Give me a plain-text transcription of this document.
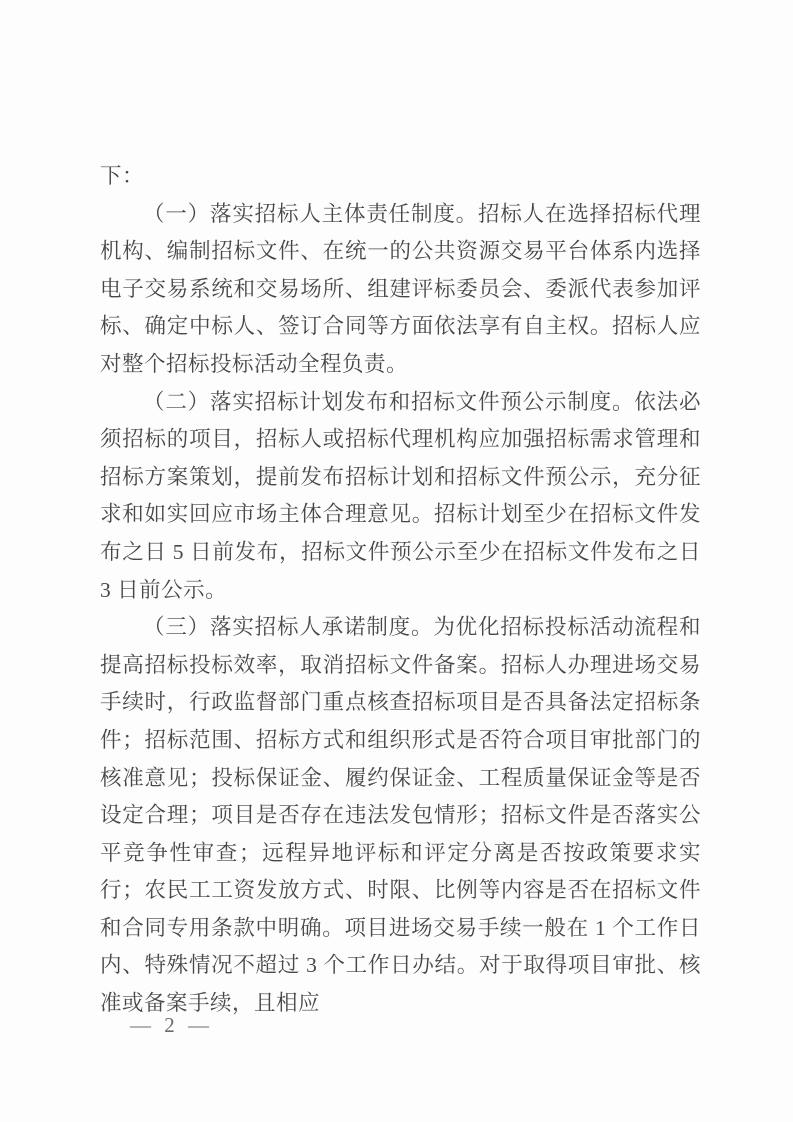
下：

（一）落实招标人主体责任制度。招标人在选择招标代理机构、编制招标文件、在统一的公共资源交易平台体系内选择电子交易系统和交易场所、组建评标委员会、委派代表参加评标、确定中标人、签订合同等方面依法享有自主权。招标人应对整个招标投标活动全程负责。

（二）落实招标计划发布和招标文件预公示制度。依法必须招标的项目，招标人或招标代理机构应加强招标需求管理和招标方案策划，提前发布招标计划和招标文件预公示，充分征求和如实回应市场主体合理意见。招标计划至少在招标文件发布之日 5 日前发布，招标文件预公示至少在招标文件发布之日 3 日前公示。

（三）落实招标人承诺制度。为优化招标投标活动流程和提高招标投标效率，取消招标文件备案。招标人办理进场交易手续时，行政监督部门重点核查招标项目是否具备法定招标条件；招标范围、招标方式和组织形式是否符合项目审批部门的核准意见；投标保证金、履约保证金、工程质量保证金等是否设定合理；项目是否存在违法发包情形；招标文件是否落实公平竞争性审查；远程异地评标和评定分离是否按政策要求实行；农民工工资发放方式、时限、比例等内容是否在招标文件和合同专用条款中明确。项目进场交易手续一般在 1 个工作日内、特殊情况不超过 3 个工作日办结。对于取得项目审批、核准或备案手续，且相应

— 2 —
